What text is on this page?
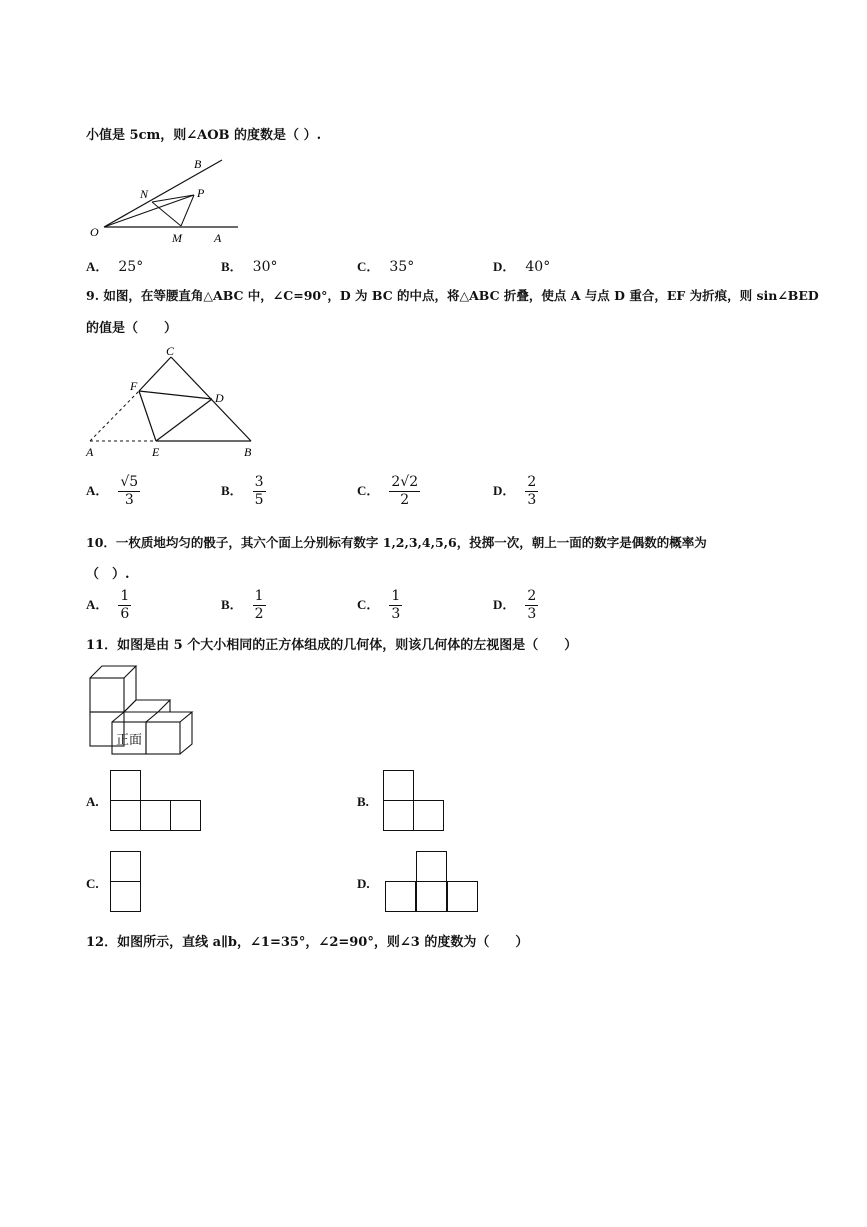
小值是 5cm，则∠AOB 的度数是（ ）.
O
B
N	P
M	A
A． 25°	B． 30°	C． 35°	D． 40°
9. 如图，在等腰直角△ABC 中，∠C=90°，D 为 BC 的中点，将△ABC 折叠，使点 A 与点 D 重合，EF 为折痕，则 sin∠BED
的值是（　　）
C
F
D
A	E	B
A． $\frac{√5}{3}$	B． $\frac{3}{5}$	C． $\frac{2√2}{2}$	D． $\frac{2}{3}$
10．一枚质地均匀的骰子，其六个面上分别标有数字 1,2,3,4,5,6，投掷一次，朝上一面的数字是偶数的概率为
（　）.
A． $\frac{1}{6}$	B． $\frac{1}{2}$	C． $\frac{1}{3}$	D． $\frac{2}{3}$
11．如图是由 5 个大小相同的正方体组成的几何体，则该几何体的左视图是（　　）
正面
A.	B.
C.	D.
12．如图所示，直线 a∥b，∠1=35°，∠2=90°，则∠3 的度数为（　　）
